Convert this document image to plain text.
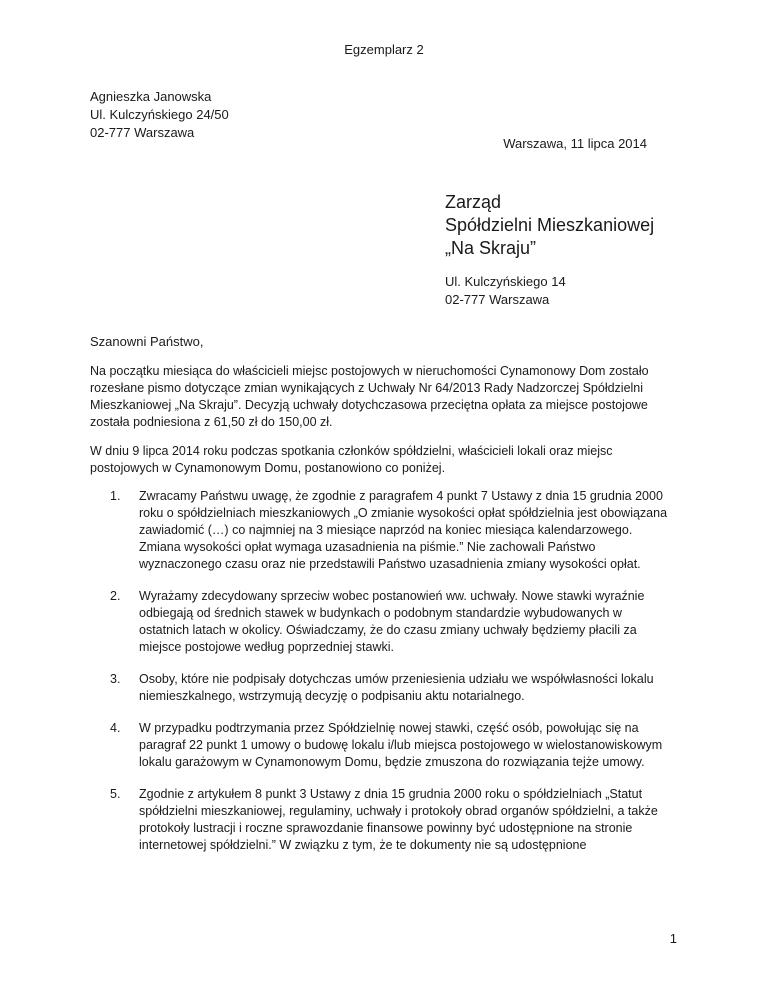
Egzemplarz 2
Agnieszka Janowska
Ul. Kulczyńskiego 24/50
02-777 Warszawa
Warszawa, 11 lipca 2014
Zarząd
Spółdzielni Mieszkaniowej
„Na Skraju”
Ul. Kulczyńskiego 14
02-777 Warszawa
Szanowni Państwo,
Na początku miesiąca do właścicieli miejsc postojowych w nieruchomości Cynamonowy Dom zostało rozesłane pismo dotyczące zmian wynikających z Uchwały Nr 64/2013 Rady Nadzorczej Spółdzielni Mieszkaniowej „Na Skraju”. Decyzją uchwały dotychczasowa przeciętna opłata za miejsce postojowe została podniesiona z 61,50 zł do 150,00 zł.
W dniu 9 lipca 2014 roku podczas spotkania członków spółdzielni, właścicieli lokali oraz miejsc postojowych w Cynamonowym Domu, postanowiono co poniżej.
1. Zwracamy Państwu uwagę, że zgodnie z paragrafem 4 punkt 7 Ustawy z dnia 15 grudnia 2000 roku o spółdzielniach mieszkaniowych „O zmianie wysokości opłat spółdzielnia jest obowiązana zawiadomić (…) co najmniej na 3 miesiące naprzód na koniec miesiąca kalendarzowego. Zmiana wysokości opłat wymaga uzasadnienia na piśmie.” Nie zachowali Państwo wyznaczonego czasu oraz nie przedstawili Państwo uzasadnienia zmiany wysokości opłat.
2. Wyrażamy zdecydowany sprzeciw wobec postanowień ww. uchwały. Nowe stawki wyraźnie odbiegają od średnich stawek w budynkach o podobnym standardzie wybudowanych w ostatnich latach w okolicy. Oświadczamy, że do czasu zmiany uchwały będziemy płacili za miejsce postojowe według poprzedniej stawki.
3. Osoby, które nie podpisały dotychczas umów przeniesienia udziału we współwłasności lokalu niemieszkalnego, wstrzymują decyzję o podpisaniu aktu notarialnego.
4. W przypadku podtrzymania przez Spółdzielnię nowej stawki, część osób, powołując się na paragraf 22 punkt 1 umowy o budowę lokalu i/lub miejsca postojowego w wielostanowiskowym lokalu garażowym w Cynamonowym Domu, będzie zmuszona do rozwiązania tejże umowy.
5. Zgodnie z artykułem 8 punkt 3 Ustawy z dnia 15 grudnia 2000 roku o spółdzielniach „Statut spółdzielni mieszkaniowej, regulaminy, uchwały i protokoły obrad organów spółdzielni, a także protokoły lustracji i roczne sprawozdanie finansowe powinny być udostępnione na stronie internetowej spółdzielni.” W związku z tym, że te dokumenty nie są udostępnione
1
